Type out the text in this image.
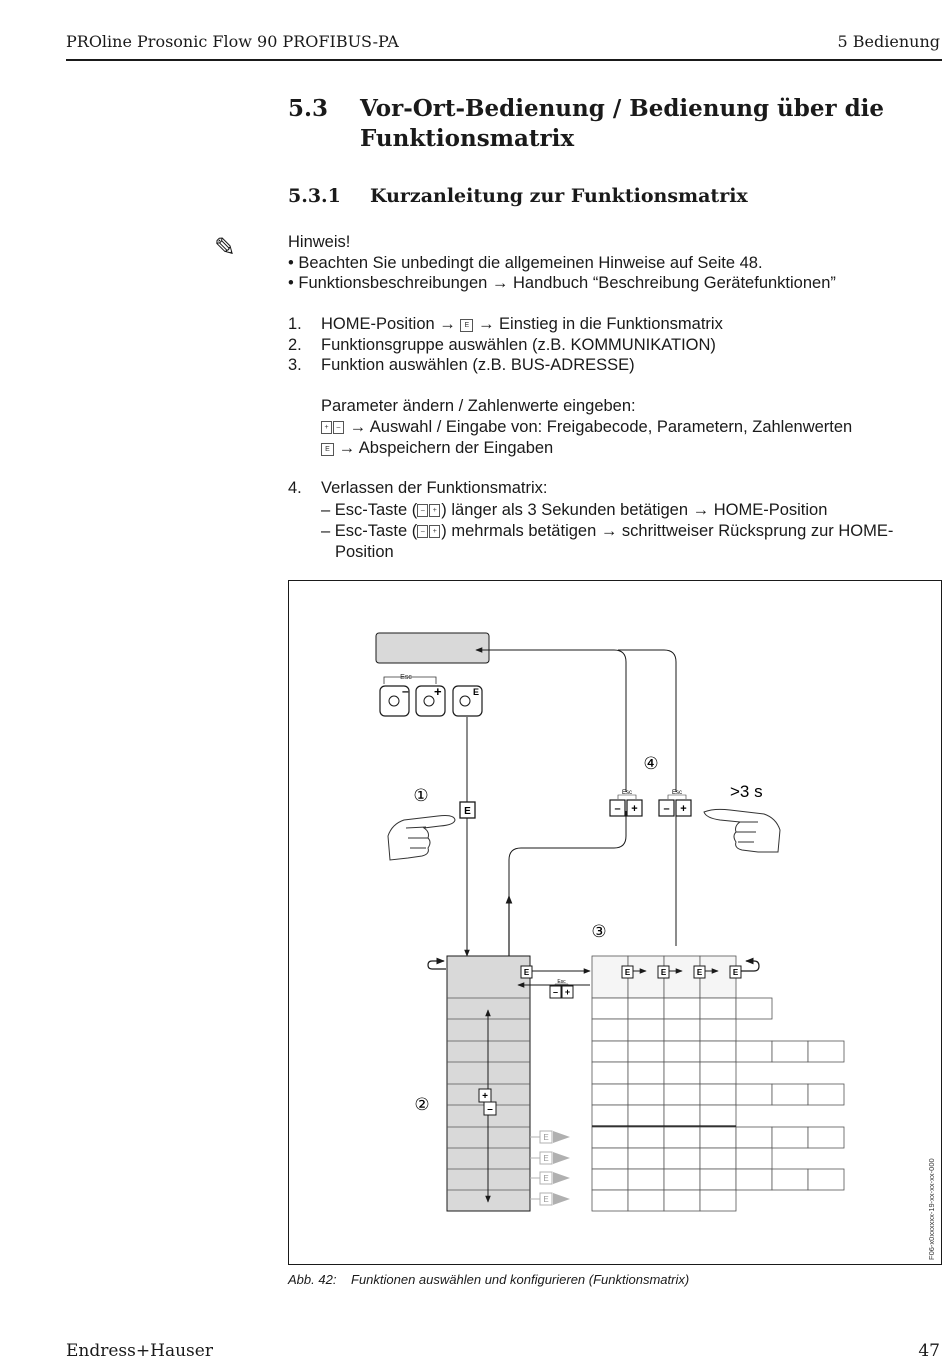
PROline Prosonic Flow 90 PROFIBUS-PA	5 Bedienung
5.3 Vor-Ort-Bedienung / Bedienung über die
Funktionsmatrix
5.3.1 Kurzanleitung zur Funktionsmatrix
✎	Hinweis!
• Beachten Sie unbedingt die allgemeinen Hinweise auf Seite 48.
• Funktionsbeschreibungen → Handbuch “Beschreibung Gerätefunktionen”
1.	HOME-Position → E → Einstieg in die Funktionsmatrix
2.	Funktionsgruppe auswählen (z.B. KOMMUNIKATION)
3.	Funktion auswählen (z.B. BUS-ADRESSE)
Parameter ändern / Zahlenwerte eingeben:
+ – → Auswahl / Eingabe von: Freigabecode, Parametern, Zahlenwerten
E → Abspeichern der Eingaben
4.	Verlassen der Funktionsmatrix:
– Esc-Taste ( – + ) länger als 3 Sekunden betätigen → HOME-Position
– Esc-Taste ( – + ) mehrmals betätigen → schrittweiser Rücksprung zur HOME-
Position
Esc
– +	E
E
①
④
Esc
– +
Esc
– +
>3 s
③
②	+
–
E
Esc
– +
E
E
E
E
E	E	E	E
F06-x0xxxxxx-19-xx-xx-xx-000
Abb. 42: Funktionen auswählen und konfigurieren (Funktionsmatrix)
Endress+Hauser	47
